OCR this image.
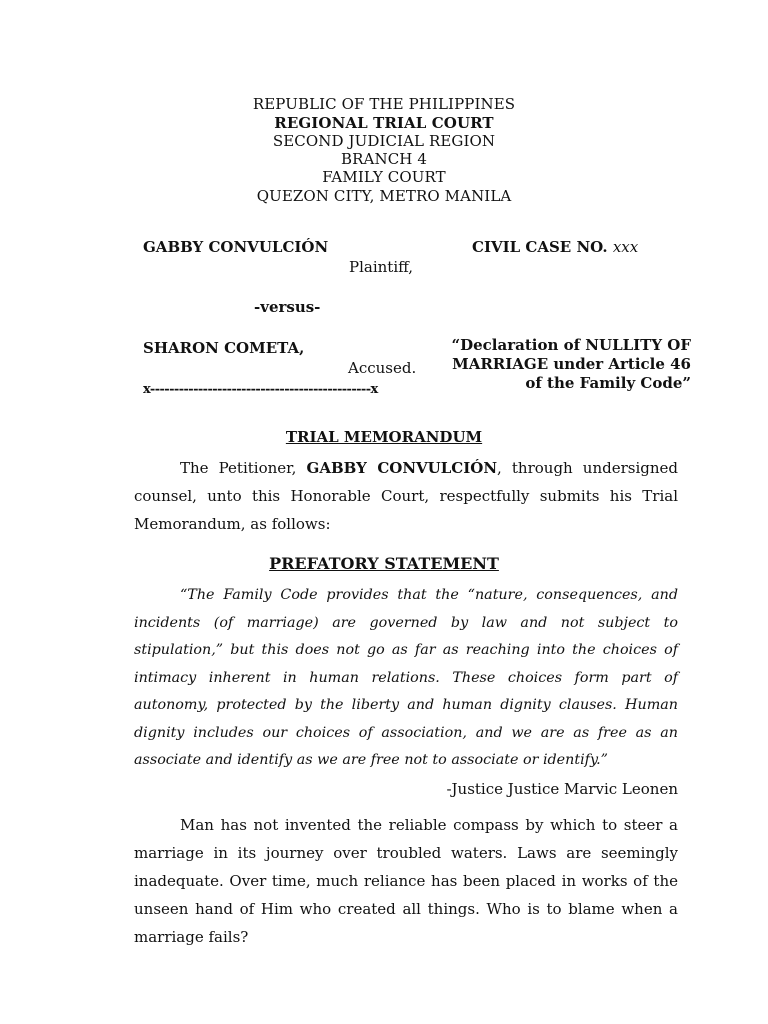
REPUBLIC OF THE PHILIPPINES
REGIONAL TRIAL COURT
SECOND JUDICIAL REGION
BRANCH 4
FAMILY COURT
QUEZON CITY, METRO MANILA
GABBY CONVULCIÓN
Plaintiff,
-versus-
SHARON COMETA,
Accused.
x----------------------------------------------x
CIVIL CASE NO. xxx
“Declaration of NULLITY OF MARRIAGE under Article 46 of the Family Code”
TRIAL MEMORANDUM
The Petitioner, GABBY CONVULCIÓN, through undersigned counsel, unto this Honorable Court, respectfully submits his Trial Memorandum, as follows:
PREFATORY STATEMENT
“The Family Code provides that the “nature, consequences, and incidents (of marriage) are governed by law and not subject to stipulation,” but this does not go as far as reaching into the choices of intimacy inherent in human relations. These choices form part of autonomy, protected by the liberty and human dignity clauses. Human dignity includes our choices of association, and we are as free as an associate and identify as we are free not to associate or identify.”
-Justice Justice Marvic Leonen
Man has not invented the reliable compass by which to steer a marriage in its journey over troubled waters. Laws are seemingly inadequate. Over time, much reliance has been placed in works of the unseen hand of Him who created all things. Who is to blame when a marriage fails?
